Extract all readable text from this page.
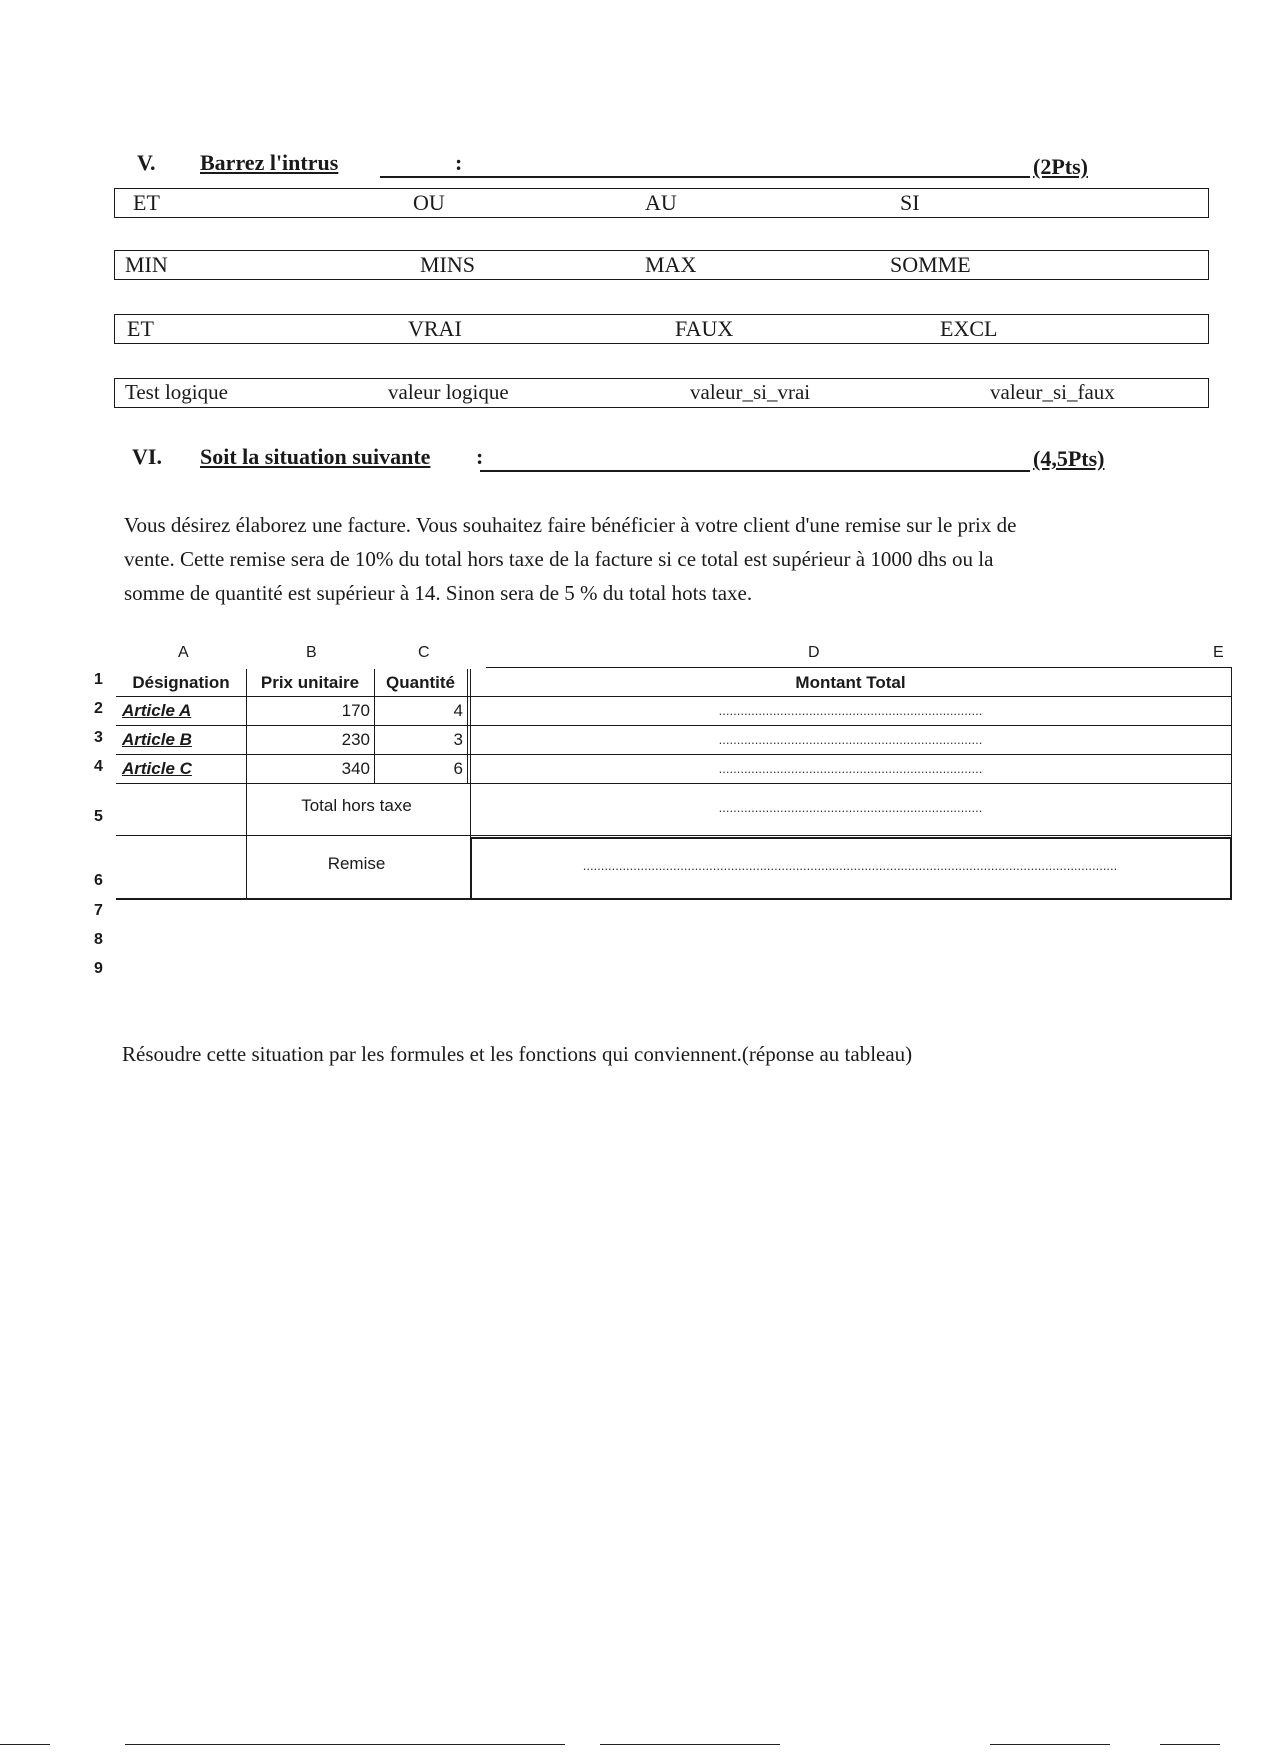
V. Barrez l'intrus	:	(2Pts)
ET	OU	AU	SI
MIN	MINS	MAX	SOMME
ET	VRAI	FAUX	EXCL
Test logique	valeur logique	valeur_si_vrai	valeur_si_faux
VI. Soit la situation suivante :	(4,5Pts)

Vous désirez élaborez une facture. Vous souhaitez faire bénéficier à votre client d'une remise sur le prix de

vente. Cette remise sera de 10% du total hors taxe de la facture si ce total est supérieur à 1000 dhs ou la

somme de quantité est supérieur à 14. Sinon sera de 5 % du total hots taxe.

A	B	C	D	E
1
2
3
4
5
6
7
8
9
Désignation	Prix unitaire	Quantité	Montant Total
Article A	170	4	.........................................................................
Article B	230	3	.........................................................................
Article C	340	6	.........................................................................
Total hors taxe	.........................................................................
Remise	....................................................................................................................................................
Résoudre cette situation par les formules et les fonctions qui conviennent.(réponse au tableau)
